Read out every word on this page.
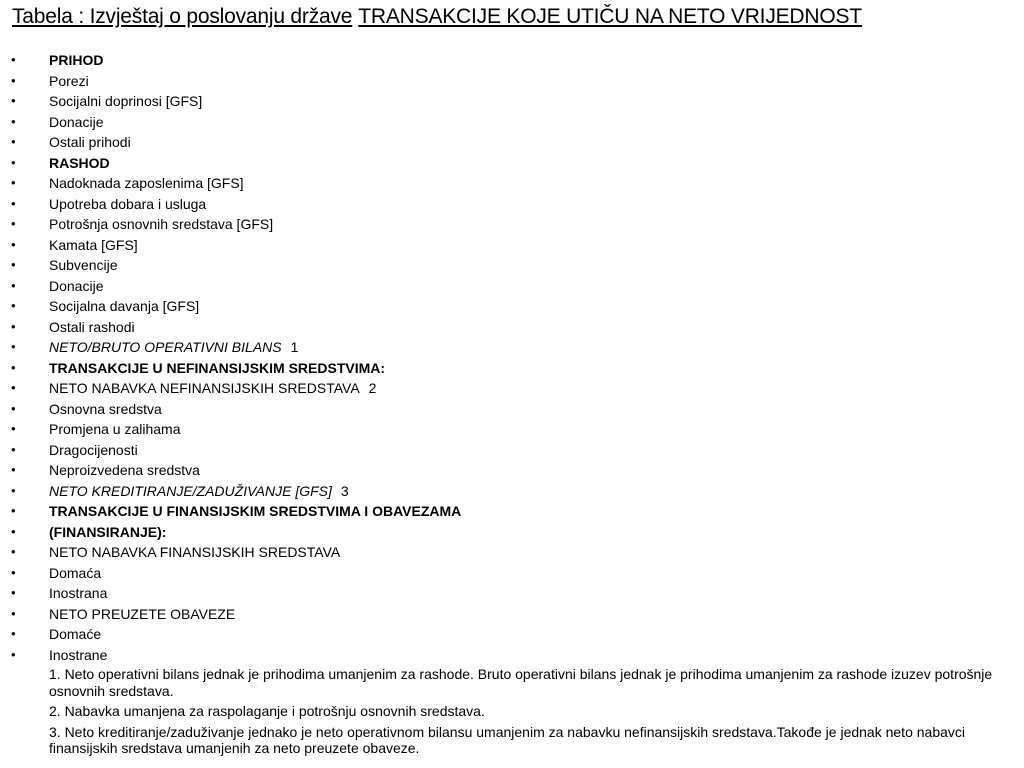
Tabela : Izvještaj o poslovanju države TRANSAKCIJE KOJE UTIČU NA NETO VRIJEDNOST
• PRIHOD
• Porezi
• Socijalni doprinosi [GFS]
• Donacije
• Ostali prihodi
• RASHOD
• Nadoknada zaposlenima [GFS]
• Upotreba dobara i usluga
• Potrošnja osnovnih sredstava [GFS]
• Kamata [GFS]
• Subvencije
• Donacije
• Socijalna davanja [GFS]
• Ostali rashodi
• NETO/BRUTO OPERATIVNI BILANS 1
• TRANSAKCIJE U NEFINANSIJSKIM SREDSTVIMA:
• NETO NABAVKA NEFINANSIJSKIH SREDSTAVA 2
• Osnovna sredstva
• Promjena u zalihama
• Dragocijenosti
• Neproizvedena sredstva
• NETO KREDITIRANJE/ZADUŽIVANJE [GFS] 3
• TRANSAKCIJE U FINANSIJSKIM SREDSTVIMA I OBAVEZAMA
• (FINANSIRANJE):
• NETO NABAVKA FINANSIJSKIH SREDSTAVA
• Domaća
• Inostrana
• NETO PREUZETE OBAVEZE
• Domaće
• Inostrane
1. Neto operativni bilans jednak je prihodima umanjenim za rashode. Bruto operativni bilans jednak je prihodima umanjenim za rashode izuzev potrošnje osnovnih sredstava.
2. Nabavka umanjena za raspolaganje i potrošnju osnovnih sredstava.
3. Neto kreditiranje/zaduživanje jednako je neto operativnom bilansu umanjenim za nabavku nefinansijskih sredstava.Takođe je jednak neto nabavci finansijskih sredstava umanjenih za neto preuzete obaveze.
